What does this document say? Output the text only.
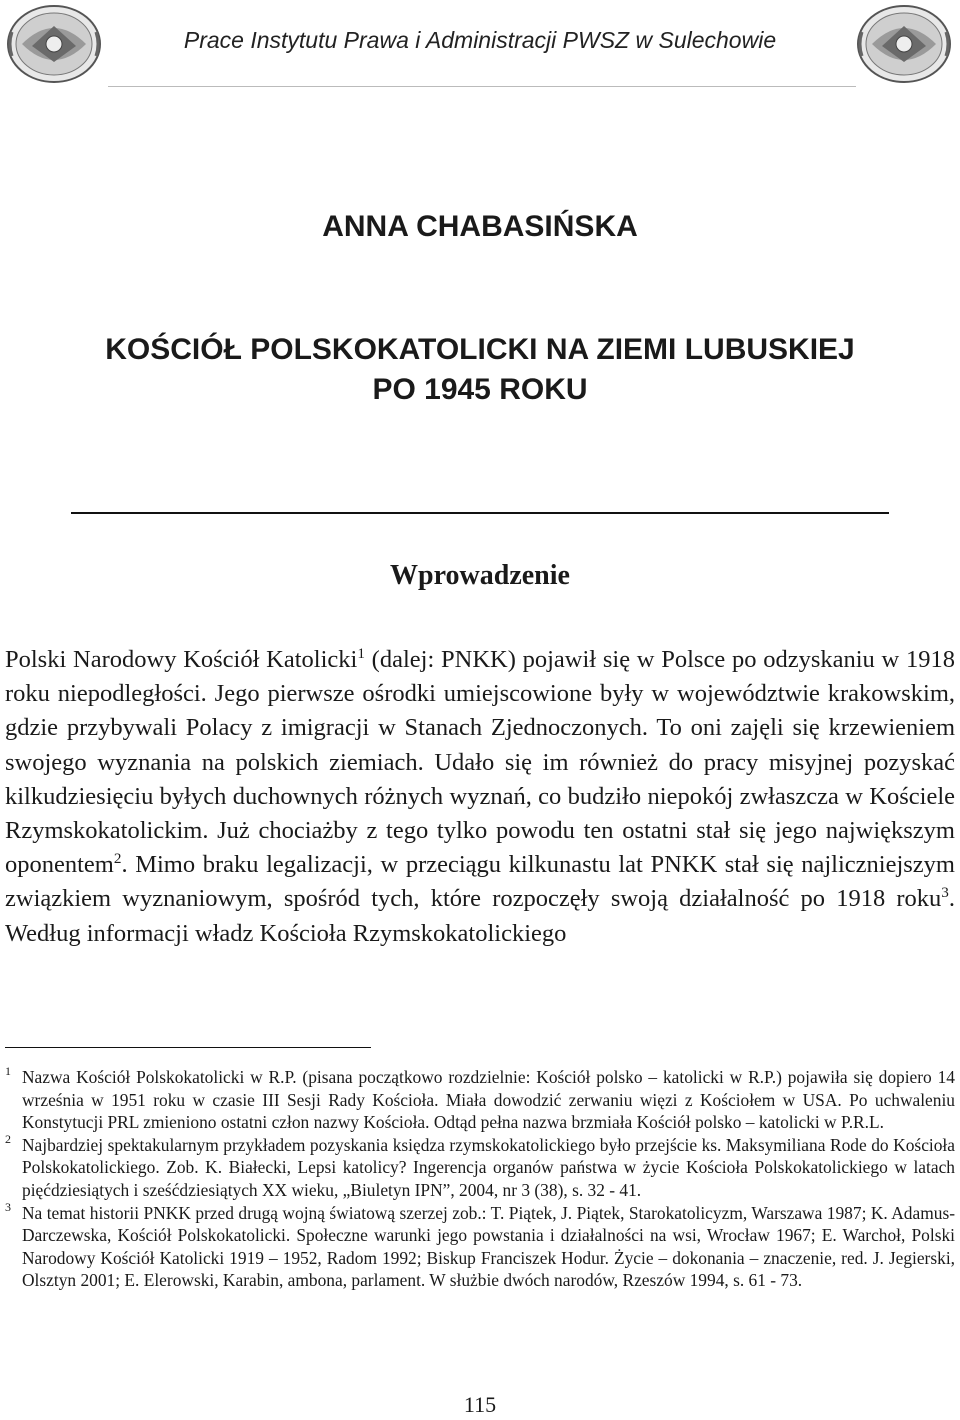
Prace Instytutu Prawa i Administracji PWSZ w Sulechowie
ANNA CHABASIŃSKA
KOŚCIÓŁ POLSKOKATOLICKI NA ZIEMI LUBUSKIEJ
PO 1945 ROKU
Wprowadzenie

Polski Narodowy Kościół Katolicki$^1$ (dalej: PNKK) pojawił się w Polsce po odzyskaniu w 1918 roku niepodległości. Jego pierwsze ośrodki umiejscowione były w województwie krakowskim, gdzie przybywali Polacy z imigracji w Stanach Zjednoczonych. To oni zajęli się krzewieniem swojego wyznania na polskich ziemiach. Udało się im również do pracy misyjnej pozyskać kilkudziesięciu byłych duchownych różnych wyznań, co budziło niepokój zwłaszcza w Kościele Rzymskokatolickim. Już chociażby z tego tylko powodu ten ostatni stał się jego największym oponentem$^2$. Mimo braku legalizacji, w przeciągu kilkunastu lat PNKK stał się najliczniejszym związkiem wyznaniowym, spośród tych, które rozpoczęły swoją działalność po 1918 roku$^3$. Według informacji władz Kościoła Rzymskokatolickiego

1 Nazwa Kościół Polskokatolicki w R.P. (pisana początkowo rozdzielnie: Kościół polsko – katolicki w R.P.) pojawiła się dopiero 14 września w 1951 roku w czasie III Sesji Rady Kościoła. Miała dowodzić zerwaniu więzi z Kościołem w USA. Po uchwaleniu Konstytucji PRL zmieniono ostatni człon nazwy Kościoła. Odtąd pełna nazwa brzmiała Kościół polsko – katolicki w P.R.L.
2 Najbardziej spektakularnym przykładem pozyskania księdza rzymskokatolickiego było przejście ks. Maksymiliana Rode do Kościoła Polskokatolickiego. Zob. K. Białecki, Lepsi katolicy? Ingerencja organów państwa w życie Kościoła Polskokatolickiego w latach pięćdziesiątych i sześćdziesiątych XX wieku, „Biuletyn IPN”, 2004, nr 3 (38), s. 32 - 41.
3 Na temat historii PNKK przed drugą wojną światową szerzej zob.: T. Piątek, J. Piątek, Starokatolicyzm, Warszawa 1987; K. Adamus-Darczewska, Kościół Polskokatolicki. Społeczne warunki jego powstania i działalności na wsi, Wrocław 1967; E. Warchoł, Polski Narodowy Kościół Katolicki 1919 – 1952, Radom 1992; Biskup Franciszek Hodur. Życie – dokonania – znaczenie, red. J. Jegierski, Olsztyn 2001; E. Elerowski, Karabin, ambona, parlament. W służbie dwóch narodów, Rzeszów 1994, s. 61 - 73.
115
